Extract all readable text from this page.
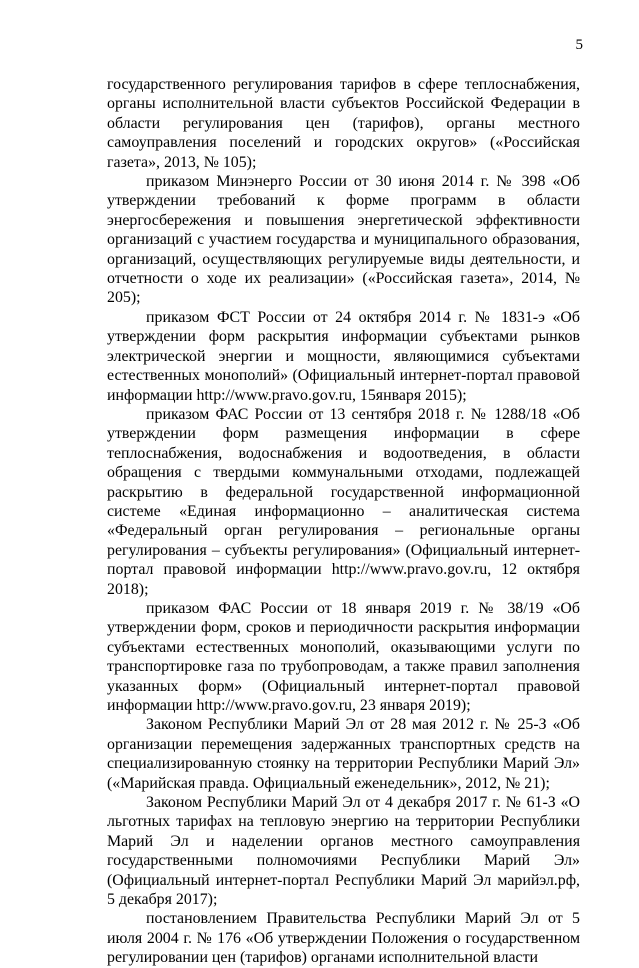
5

государственного регулирования тарифов в сфере теплоснабжения, органы исполнительной власти субъектов Российской Федерации в области регулирования цен (тарифов), органы местного самоуправления поселений и городских округов» («Российская газета», 2013, № 105);

приказом Минэнерго России от 30 июня 2014 г. № 398 «Об утверждении требований к форме программ в области энергосбережения и повышения энергетической эффективности организаций с участием государства и муниципального образования, организаций, осуществляющих регулируемые виды деятельности, и отчетности о ходе их реализации» («Российская газета», 2014, № 205);

приказом ФСТ России от 24 октября 2014 г. № 1831-э «Об утверждении форм раскрытия информации субъектами рынков электрической энергии и мощности, являющимися субъектами естественных монополий» (Официальный интернет-портал правовой информации http://www.pravo.gov.ru, 15января 2015);

приказом ФАС России от 13 сентября 2018 г. № 1288/18 «Об утверждении форм размещения информации в сфере теплоснабжения, водоснабжения и водоотведения, в области обращения с твердыми коммунальными отходами, подлежащей раскрытию в федеральной государственной информационной системе «Единая информационно – аналитическая система «Федеральный орган регулирования – региональные органы регулирования – субъекты регулирования» (Официальный интернет-портал правовой информации http://www.pravo.gov.ru, 12 октября 2018);

приказом ФАС России от 18 января 2019 г. № 38/19 «Об утверждении форм, сроков и периодичности раскрытия информации субъектами естественных монополий, оказывающими услуги по транспортировке газа по трубопроводам, а также правил заполнения указанных форм» (Официальный интернет-портал правовой информации http://www.pravo.gov.ru, 23 января 2019);

Законом Республики Марий Эл от 28 мая 2012 г. № 25-З «Об организации перемещения задержанных транспортных средств на специализированную стоянку на территории Республики Марий Эл» («Марийская правда. Официальный еженедельник», 2012, № 21);

Законом Республики Марий Эл от 4 декабря 2017 г. № 61-З «О льготных тарифах на тепловую энергию на территории Республики Марий Эл и наделении органов местного самоуправления государственными полномочиями Республики Марий Эл» (Официальный интернет-портал Республики Марий Эл марийэл.рф, 5 декабря 2017);

постановлением Правительства Республики Марий Эл от 5 июля 2004 г. № 176 «Об утверждении Положения о государственном регулировании цен (тарифов) органами исполнительной власти
